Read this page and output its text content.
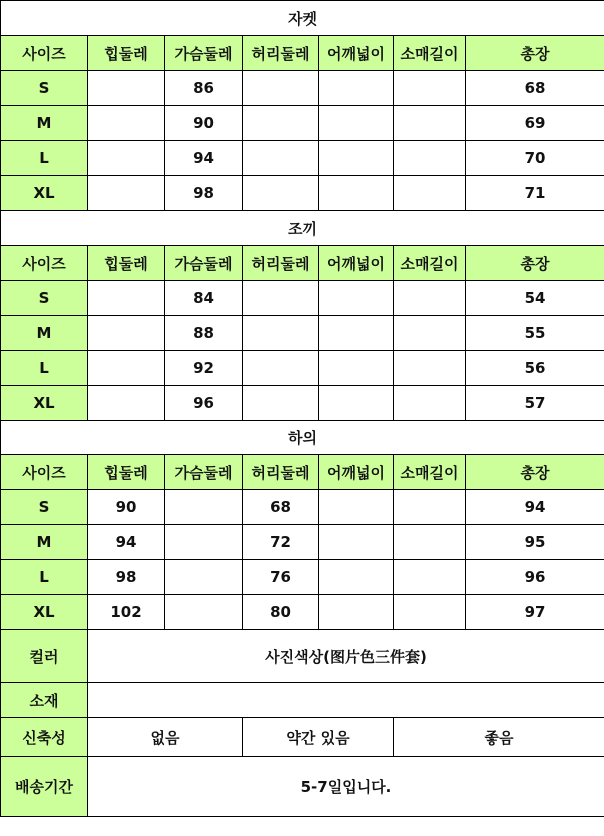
자켓						
사이즈	힙둘레	가슴둘레	허리둘레	어깨넓이	소매길이	총장
S		86				68
M		90				69
L		94				70
XL		98				71
조끼						
사이즈	힙둘레	가슴둘레	허리둘레	어깨넓이	소매길이	총장
S		84				54
M		88				55
L		92				56
XL		96				57
하의						
사이즈	힙둘레	가슴둘레	허리둘레	어깨넓이	소매길이	총장
S	90		68			94
M	94		72			95
L	98		76			96
XL	102		80			97
컬러	사진색상(图片色三件套)					
소재						
신축성	없음		약간 있음		좋음	
배송기간	5-7일입니다.					
